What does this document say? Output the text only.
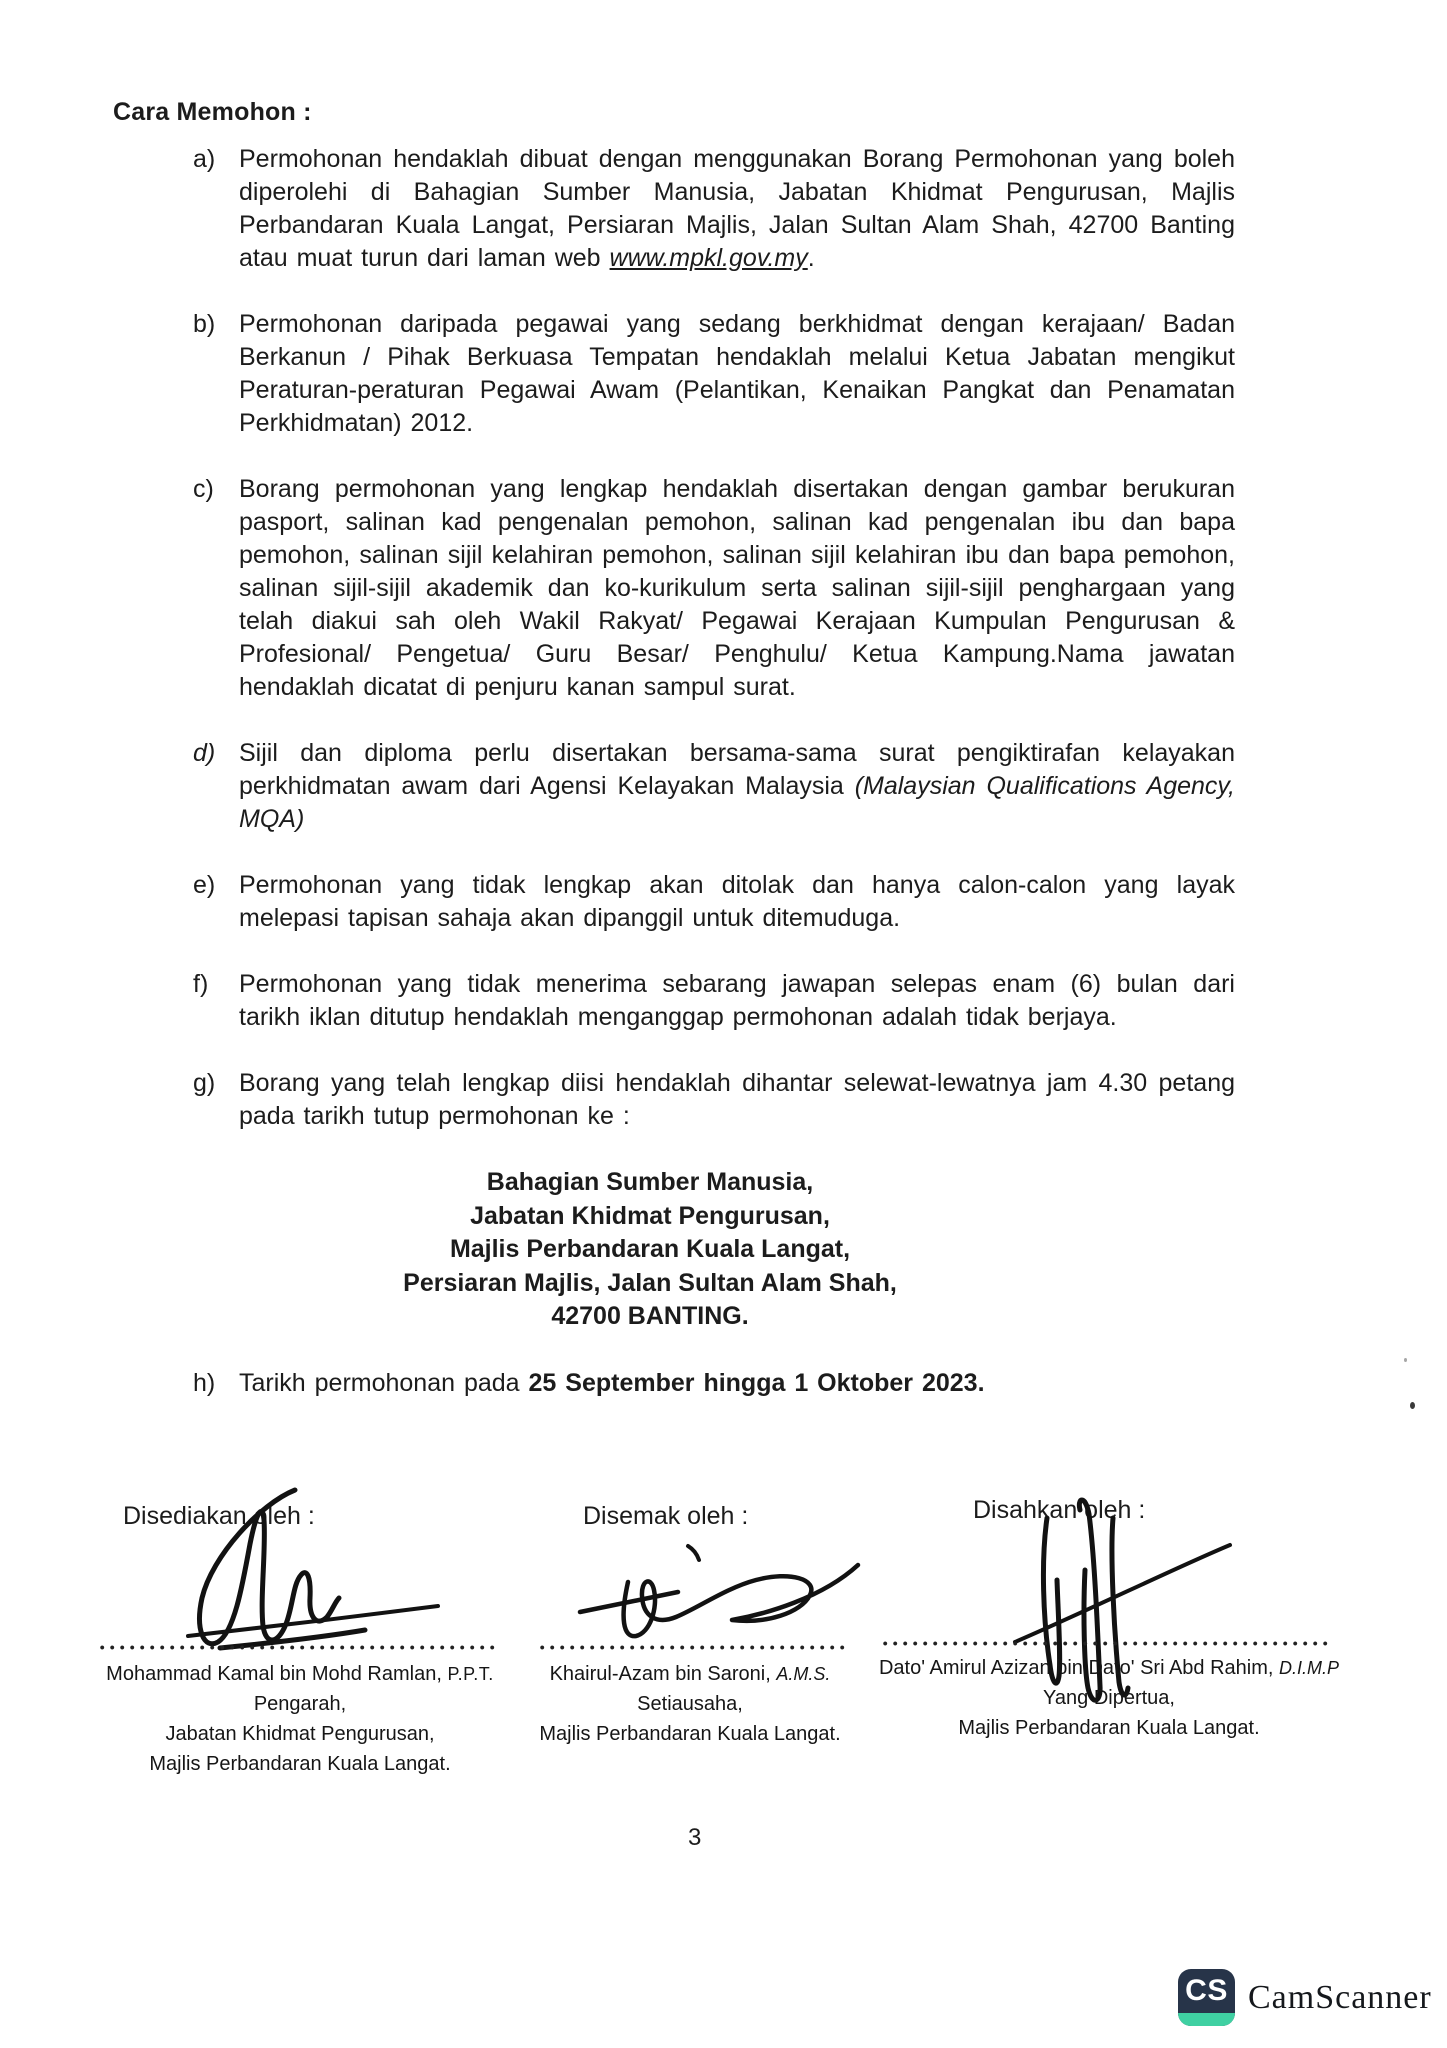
Cara Memohon :
a) Permohonan hendaklah dibuat dengan menggunakan Borang Permohonan yang boleh diperolehi di Bahagian Sumber Manusia, Jabatan Khidmat Pengurusan, Majlis Perbandaran Kuala Langat, Persiaran Majlis, Jalan Sultan Alam Shah, 42700 Banting atau muat turun dari laman web www.mpkl.gov.my.
b) Permohonan daripada pegawai yang sedang berkhidmat dengan kerajaan/ Badan Berkanun / Pihak Berkuasa Tempatan hendaklah melalui Ketua Jabatan mengikut Peraturan-peraturan Pegawai Awam (Pelantikan, Kenaikan Pangkat dan Penamatan Perkhidmatan) 2012.
c)	Borang permohonan yang lengkap hendaklah disertakan dengan gambar berukuran pasport, salinan kad pengenalan pemohon, salinan kad pengenalan ibu dan bapa pemohon, salinan sijil kelahiran pemohon, salinan sijil kelahiran ibu dan bapa pemohon, salinan sijil-sijil akademik dan ko-kurikulum serta salinan sijil-sijil penghargaan yang telah diakui sah oleh Wakil Rakyat/ Pegawai Kerajaan Kumpulan Pengurusan & Profesional/ Pengetua/ Guru Besar/ Penghulu/ Ketua Kampung.Nama jawatan hendaklah dicatat di penjuru kanan sampul surat.
d) Sijil dan diploma perlu disertakan bersama-sama surat pengiktirafan kelayakan perkhidmatan awam dari Agensi Kelayakan Malaysia (Malaysian Qualifications Agency, MQA)
e) Permohonan yang tidak lengkap akan ditolak dan hanya calon-calon yang layak melepasi tapisan sahaja akan dipanggil untuk ditemuduga.
f)	Permohonan yang tidak menerima sebarang jawapan selepas enam (6) bulan dari tarikh iklan ditutup hendaklah menganggap permohonan adalah tidak berjaya.
g) Borang yang telah lengkap diisi hendaklah dihantar selewat-lewatnya jam 4.30 petang pada tarikh tutup permohonan ke :
Bahagian Sumber Manusia,
Jabatan Khidmat Pengurusan,
Majlis Perbandaran Kuala Langat,
Persiaran Majlis, Jalan Sultan Alam Shah,
42700 BANTING.
h) Tarikh permohonan pada 25 September hingga 1 Oktober 2023.
Disediakan oleh :	Disemak oleh :	Disahkan oleh :
Mohammad Kamal bin Mohd Ramlan, P.P.T.
Pengarah,
Jabatan Khidmat Pengurusan,
Majlis Perbandaran Kuala Langat.
Khairul-Azam bin Saroni, A.M.S.
Setiausaha,
Majlis Perbandaran Kuala Langat.
Dato' Amirul Azizan bin Dato' Sri Abd Rahim, D.I.M.P
Yang Dipertua,
Majlis Perbandaran Kuala Langat.
3
CS CamScanner
